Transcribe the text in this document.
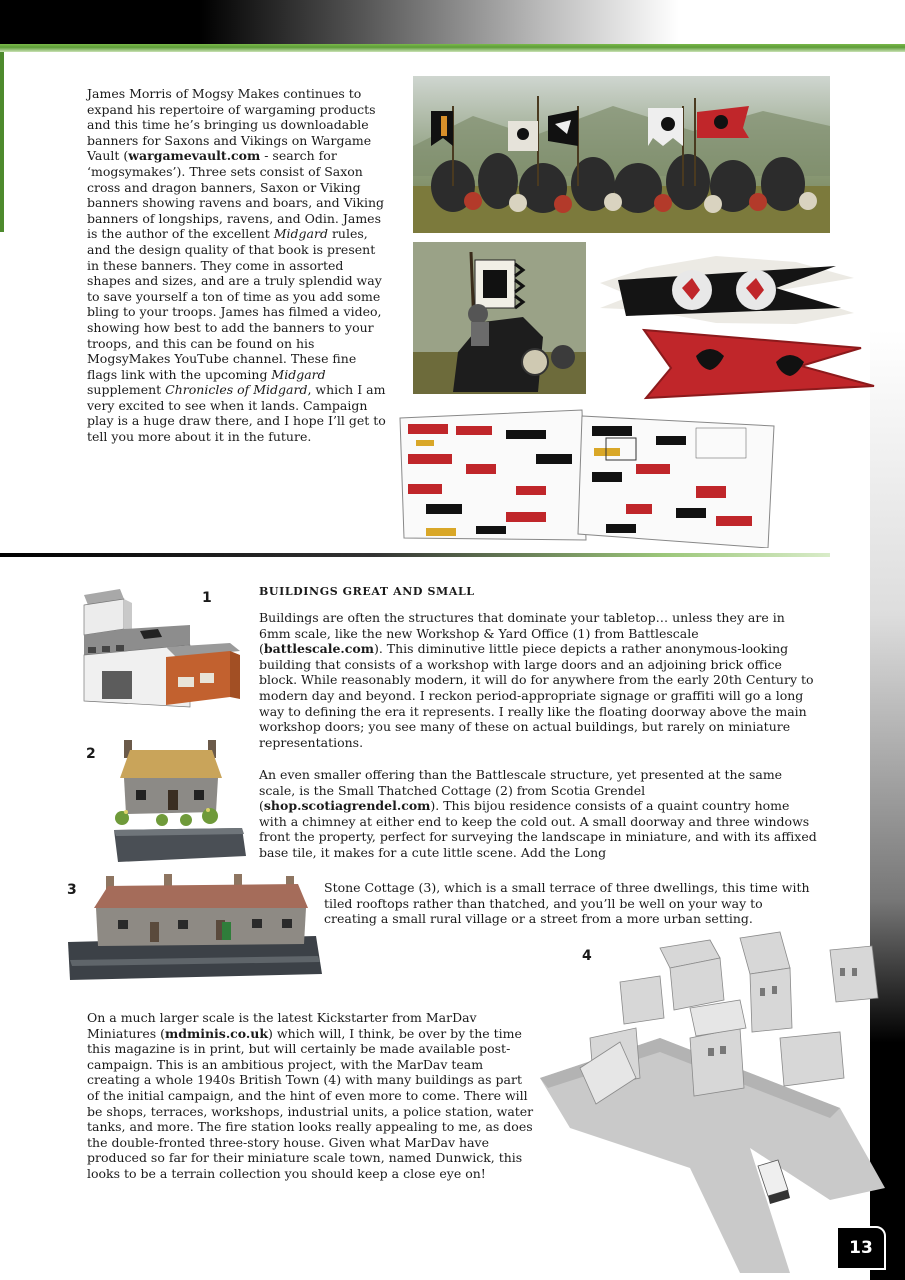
James Morris of Mogsy Makes continues to expand his repertoire of wargaming products and this time he’s bringing us downloadable banners for Saxons and Vikings on Wargame Vault (wargamevault.com - search for ‘mogsymakes’). Three sets consist of Saxon cross and dragon banners, Saxon or Viking banners showing ravens and boars, and Viking banners of longships, ravens, and Odin. James is the author of the excellent Midgard rules, and the design quality of that book is present in these banners. They come in assorted shapes and sizes, and are a truly splendid way to save yourself a ton of time as you add some bling to your troops. James has filmed a video, showing how best to add the banners to your troops, and this can be found on his MogsyMakes YouTube channel. These fine flags link with the upcoming Midgard supplement Chronicles of Midgard, which I am very excited to see when it lands. Campaign play is a huge draw there, and I hope I’ll get to tell you more about it in the future.

BUILDINGS GREAT AND SMALL

Buildings are often the structures that dominate your tabletop… unless they are in 6mm scale, like the new Workshop & Yard Office (1) from Battlescale (battlescale.com). This diminutive little piece depicts a rather anonymous-looking building that consists of a workshop with large doors and an adjoining brick office block. While reasonably modern, it will do for anywhere from the early 20th Century to modern day and beyond. I reckon period-appropriate signage or graffiti will go a long way to defining the era it represents. I really like the floating doorway above the main workshop doors; you see many of these on actual buildings, but rarely on miniature representations.

An even smaller offering than the Battlescale structure, yet presented at the same scale, is the Small Thatched Cottage (2) from Scotia Grendel (shop.scotiagrendel.com). This bijou residence consists of a quaint country home with a chimney at either end to keep the cold out. A small doorway and three windows front the property, perfect for surveying the landscape in miniature, and with its affixed base tile, it makes for a cute little scene. Add the Long

Stone Cottage (3), which is a small terrace of three dwellings, this time with tiled rooftops rather than thatched, and you’ll be well on your way to creating a small rural village or a street from a more urban setting.

On a much larger scale is the latest Kickstarter from MarDav Miniatures (mdminis.co.uk) which will, I think, be over by the time this magazine is in print, but will certainly be made available post-campaign. This is an ambitious project, with the MarDav team creating a whole 1940s British Town (4) with many buildings as part of the initial campaign, and the hint of even more to come. There will be shops, terraces, workshops, industrial units, a police station, water tanks, and more. The fire station looks really appealing to me, as does the double-fronted three-story house. Given what MarDav have produced so far for their miniature scale town, named Dunwick, this looks to be a terrain collection you should keep a close eye on!

1
2
3
4
13
